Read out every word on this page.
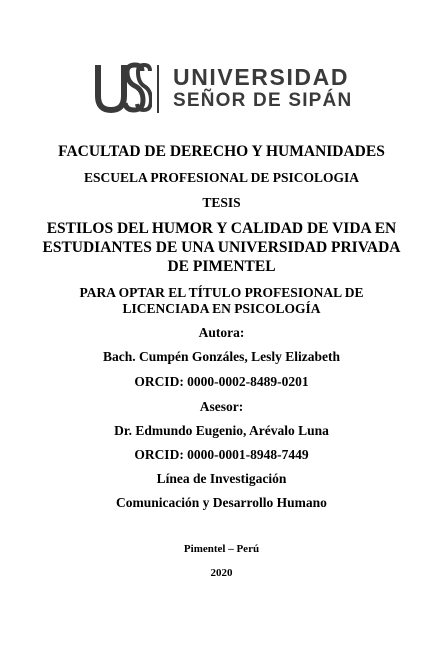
UNIVERSIDAD
SEÑOR DE SIPÁN
FACULTAD DE DERECHO Y HUMANIDADES
ESCUELA PROFESIONAL DE PSICOLOGIA
TESIS
ESTILOS DEL HUMOR Y CALIDAD DE VIDA EN
ESTUDIANTES DE UNA UNIVERSIDAD PRIVADA
DE PIMENTEL
PARA OPTAR EL TÍTULO PROFESIONAL DE
LICENCIADA EN PSICOLOGÍA
Autora:
Bach. Cumpén Gonzáles, Lesly Elizabeth
ORCID: 0000-0002-8489-0201
Asesor:
Dr. Edmundo Eugenio, Arévalo Luna
ORCID: 0000-0001-8948-7449
Línea de Investigación
Comunicación y Desarrollo Humano
Pimentel – Perú
2020
